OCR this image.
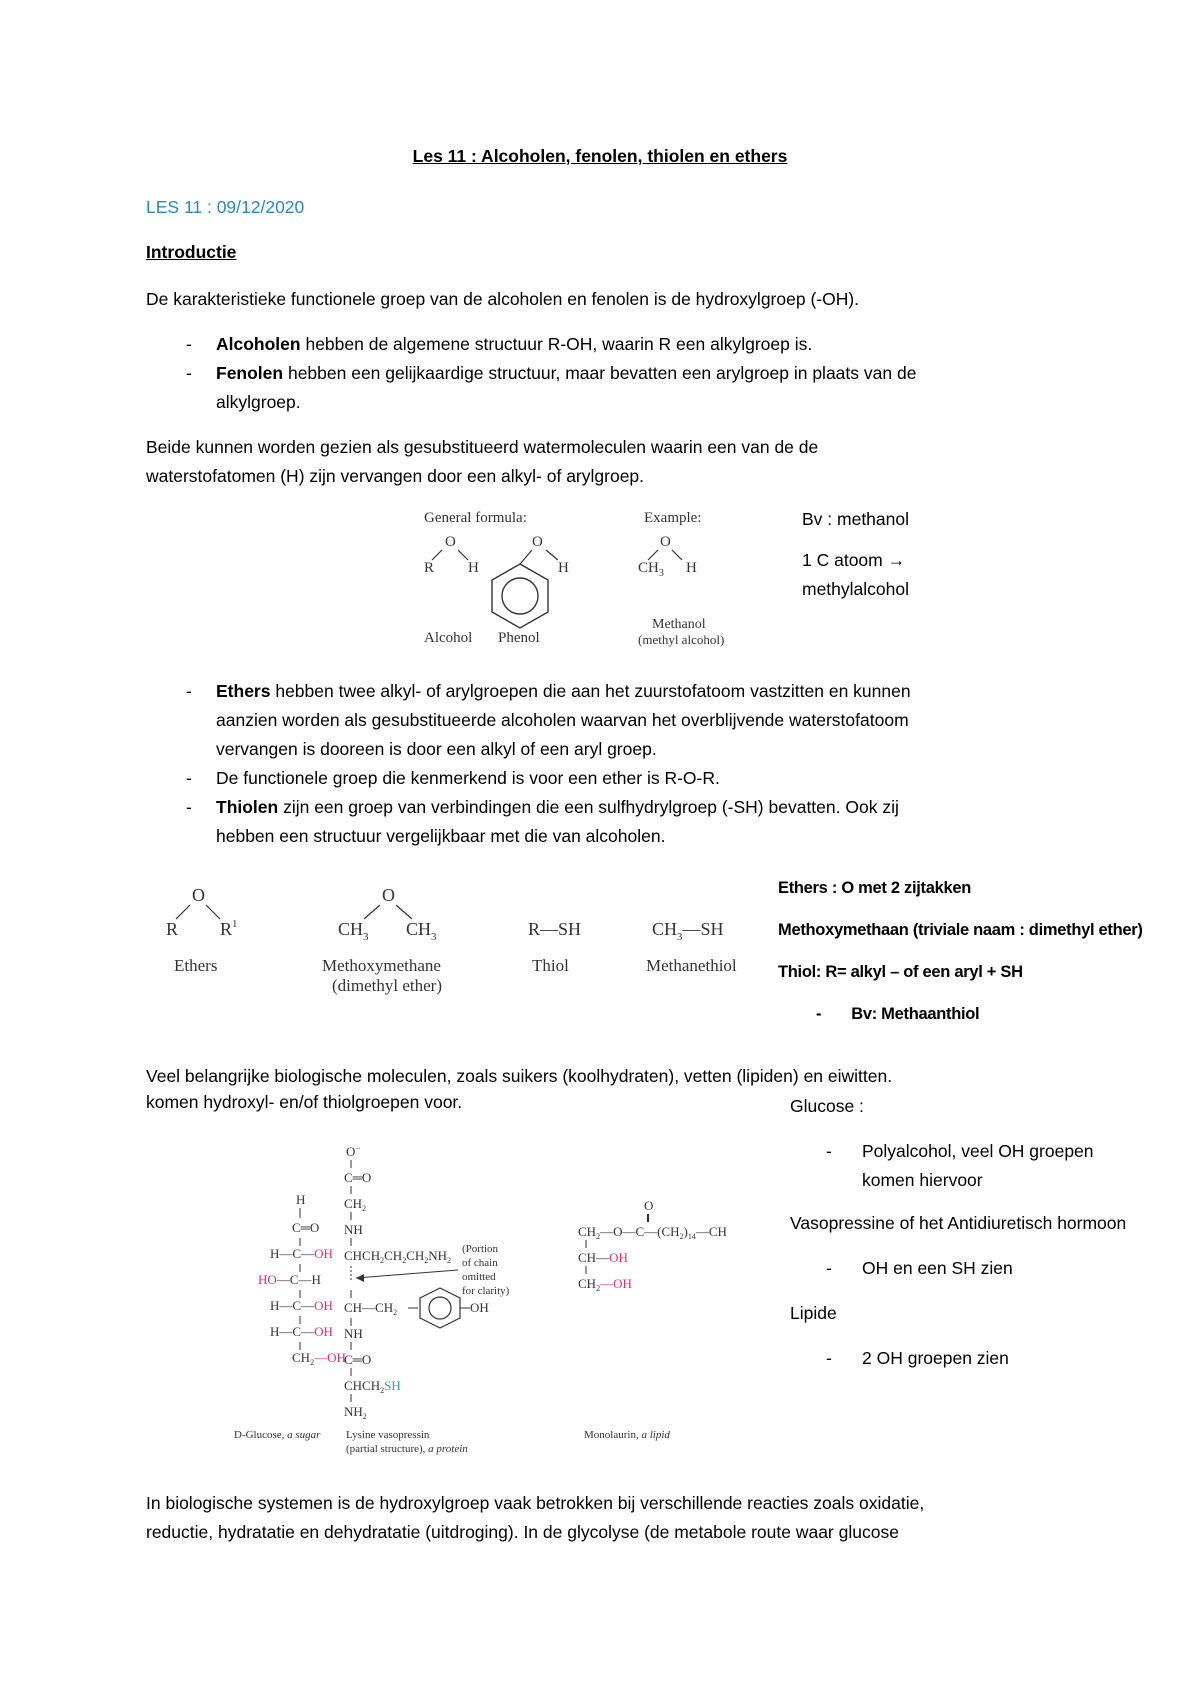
Les 11 : Alcoholen, fenolen, thiolen en ethers
LES 11 : 09/12/2020
Introductie
De karakteristieke functionele groep van de alcoholen en fenolen is de hydroxylgroep (-OH).
- Alcoholen hebben de algemene structuur R-OH, waarin R een alkylgroep is.
- Fenolen hebben een gelijkaardige structuur, maar bevatten een arylgroep in plaats van de
alkylgroep.
Beide kunnen worden gezien als gesubstitueerd watermoleculen waarin een van de de
waterstofatomen (H) zijn vervangen door een alkyl- of arylgroep.
General formula:	Example:
O
R H
Alcohol
O
H
Phenol
O
$CH_3$ H
Methanol
(methyl alcohol)
Bv : methanol
1 C atoom →
methylalcohol
- Ethers hebben twee alkyl- of arylgroepen die aan het zuurstofatoom vastzitten en kunnen
aanzien worden als gesubstitueerde alcoholen waarvan het overblijvende waterstofatoom
vervangen is dooreen is door een alkyl of een aryl groep.
- De functionele groep die kenmerkend is voor een ether is R-O-R.
- Thiolen zijn een groep van verbindingen die een sulfhydrylgroep (-SH) bevatten. Ook zij
hebben een structuur vergelijkbaar met die van alcoholen.
O
R $R^1$
Ethers
O
$CH_3$ $CH_3$
Methoxymethane
(dimethyl ether)
R—SH
Thiol
$CH_3—SH$
Methanethiol
Ethers : O met 2 zijtakken
Methoxymethaan (triviale naam : dimethyl ether)
Thiol: R= alkyl – of een aryl + SH
- Bv: Methaanthiol
Veel belangrijke biologische moleculen, zoals suikers (koolhydraten), vetten (lipiden) en eiwitten.
komen hydroxyl- en/of thiolgroepen voor.	Glucose :
- Polyalcohol, veel OH groepen
komen hiervoor
Vasopressine of het Antidiuretisch hormoon
- OH en een SH zien
Lipide
- 2 OH groepen zien
H
C═O
H—C—OH
HO—C—H
H—C—OH
H—C—OH
$CH_2—OH$
O−
C═O
$CH_2$
NH
$CHCH_2CH_2CH_2NH_2$
$CH—CH_2$	OH
NH
C═O
$CHCH_2SH$
$NH_2$
(Portion
of chain
omitted
for clarity)
O
$CH_2—O—C—(CH_2)_{14}—CH$
CH—OH
$CH_2—OH$
D-Glucose, a sugar Lysine vasopressin
(partial structure), a protein
Monolaurin, a lipid
In biologische systemen is de hydroxylgroep vaak betrokken bij verschillende reacties zoals oxidatie,
reductie, hydratatie en dehydratatie (uitdroging). In de glycolyse (de metabole route waar glucose
